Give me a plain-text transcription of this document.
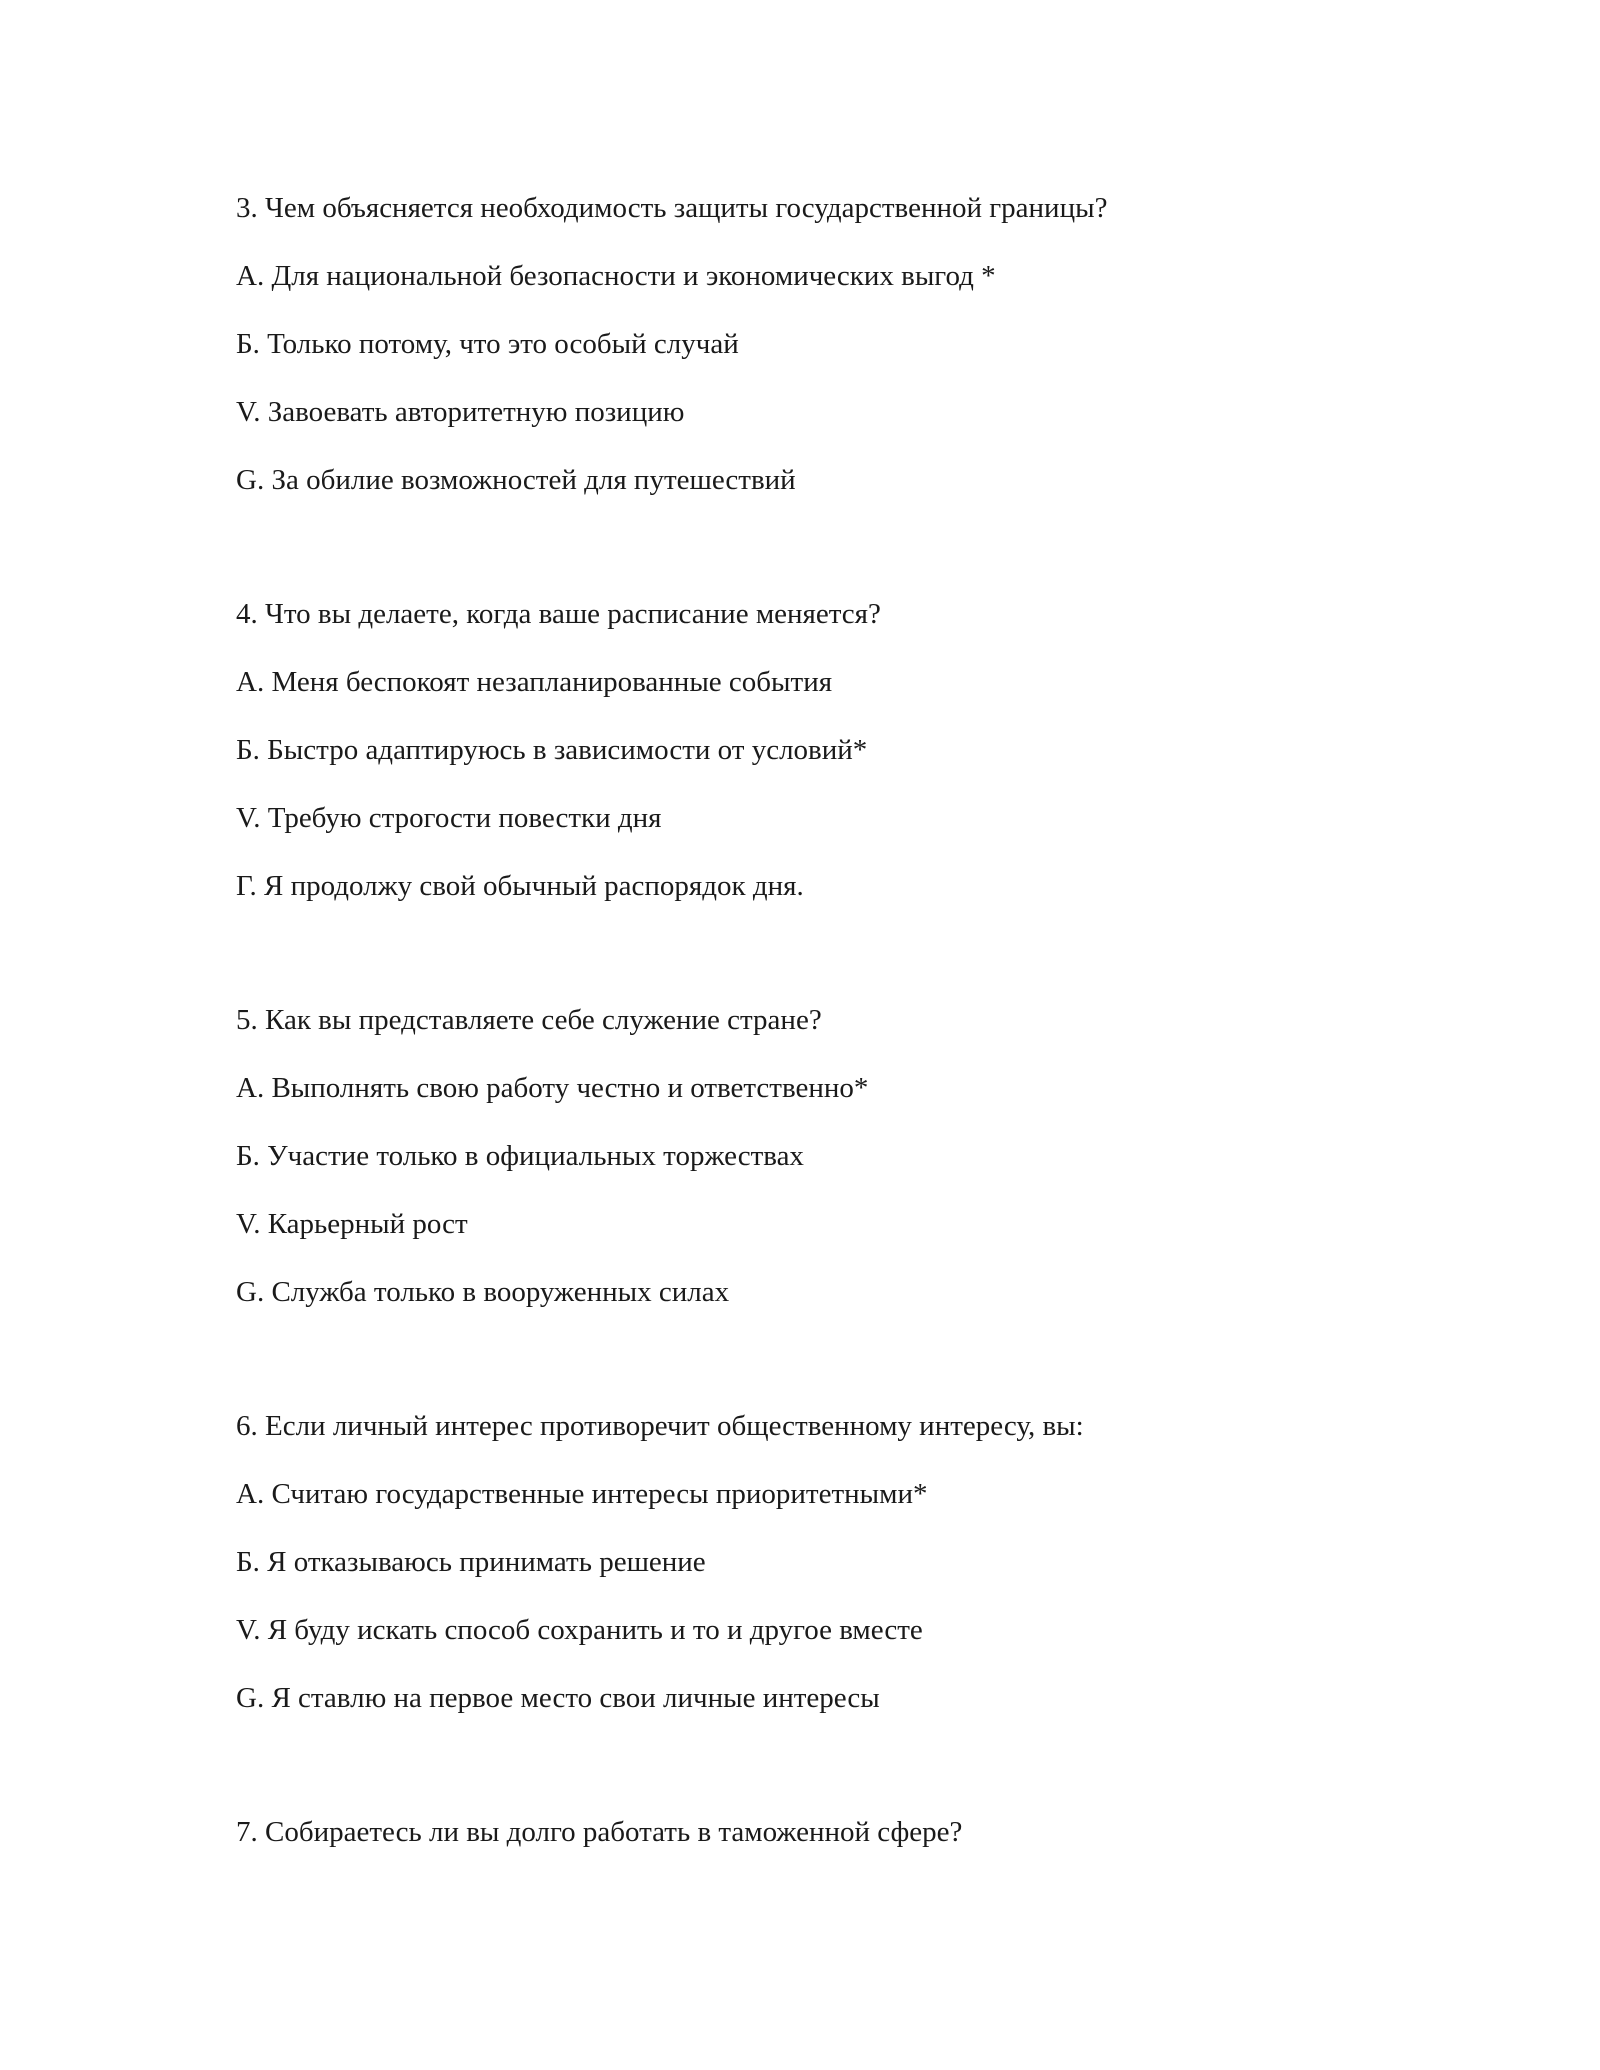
3. Чем объясняется необходимость защиты государственной границы?
А. Для национальной безопасности и экономических выгод *
Б. Только потому, что это особый случай
V. Завоевать авторитетную позицию
G. За обилие возможностей для путешествий
4. Что вы делаете, когда ваше расписание меняется?
А. Меня беспокоят незапланированные события
Б. Быстро адаптируюсь в зависимости от условий*
V. Требую строгости повестки дня
Г. Я продолжу свой обычный распорядок дня.
5. Как вы представляете себе служение стране?
А. Выполнять свою работу честно и ответственно*
Б. Участие только в официальных торжествах
V. Карьерный рост
G. Служба только в вооруженных силах
6. Если личный интерес противоречит общественному интересу, вы:
А. Считаю государственные интересы приоритетными*
Б. Я отказываюсь принимать решение
V. Я буду искать способ сохранить и то и другое вместе
G. Я ставлю на первое место свои личные интересы
7. Собираетесь ли вы долго работать в таможенной сфере?
